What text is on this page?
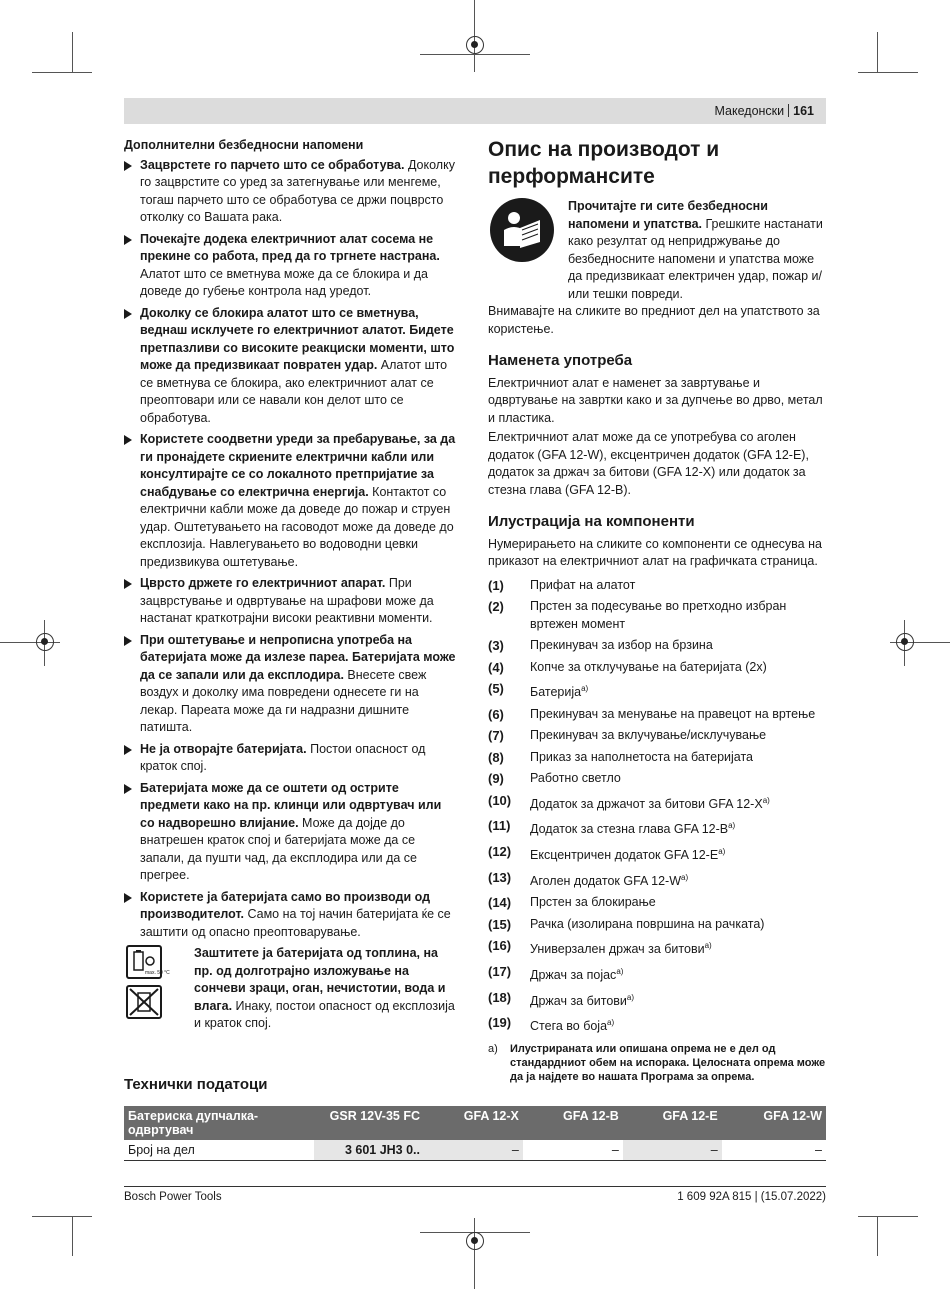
Македонски 161
Дополнителни безбедносни напомени
Зацврстете го парчето што се обработува. Доколку го зацврстите со уред за затегнување или менгеме, тогаш парчето што се обработува се држи поцврсто отколку со Вашата рака.
Почекајте додека електричниот алат сосема не прекине со работа, пред да го тргнете настрана. Алатот што се вметнува може да се блокира и да доведе до губење контрола над уредот.
Доколку се блокира алатот што се вметнува, веднаш исклучете го електричниот алатот. Бидете претпазливи со високите реакциски моменти, што може да предизвикаат повратен удар. Алатот што се вметнува се блокира, ако електричниот алат се преоптовари или се навали кон делот што се обработува.
Користете соодветни уреди за пребарување, за да ги пронајдете скриените електрични кабли или консултирајте се со локалното претпријатие за снабдување со електрична енергија. Контактот со електрични кабли може да доведе до пожар и струен удар. Оштетувањето на гасоводот може да доведе до експлозија. Навлегувањето во водоводни цевки предизвикува оштетување.
Цврсто држете го електричниот апарат. При зацврстување и одвртување на шрафови може да настанат краткотрајни високи реактивни моменти.
При оштетување и непрописна употреба на батеријата може да излезе пареа. Батеријата може да се запали или да експлодира. Внесете свеж воздух и доколку има повредени однесете ги на лекар. Пареата може да ги надразни дишните патишта.
Не ја отворајте батеријата. Постои опасност од краток спој.
Батеријата може да се оштети од острите предмети како на пр. клинци или одвртувач или со надворешно влијание. Може да дојде до внатрешен краток спој и батеријата може да се запали, да пушти чад, да експлодира или да се прегрее.
Користете ја батеријата само во производи од производителот. Само на тој начин батеријата ќе се заштити од опасно преоптоварување.
max. 50 °C
Заштитете ја батеријата од топлина, на пр. од долготрајно изложување на сончеви зраци, оган, нечистотии, вода и влага. Инаку, постои опасност од експлозија и краток спој.
Опис на производот и перформансите
Прочитајте ги сите безбедносни напомени и упатства. Грешките настанати како резултат од непридржувањe до безбедносните напомени и упатства може да предизвикаат електричен удар, пожар и/или тешки повреди.

Внимавајте на сликите во предниот дел на упатството за користење.

Наменета употреба

Електричниот алат е наменет за завртување и одвртување на завртки како и за дупчење во дрво, метал и пластика.

Електричниот алат може да се употребува со аголен додаток (GFA 12-W), ексцентричен додаток (GFA 12-E), додаток за држач за битови (GFA 12-X) или додаток за стезна глава (GFA 12-B).

Илустрација на компоненти

Нумерирањето на сликите со компоненти се однесува на приказот на електричниот алат на графичката страница.

(1)	Прифат на алатот
(2)	Прстен за подесување во претходно избран вртежен момент
(3)	Прекинувач за избор на брзина
(4)	Копче за отклучување на батеријата (2x)
(5)	Батерија$^{a)}$
(6)	Прекинувач за менување на правецот на вртење
(7)	Прекинувач за вклучување/исклучување
(8)	Приказ за наполнетоста на батеријата
(9)	Работно светло
(10)	Додаток за држачот за битови GFA $12-X^{a)}$
(11)	Додаток за стезна глава GFA $12-B^{a)}$
(12)	Ексцентричен додаток GFA $12-E^{a)}$
(13)	Аголен додаток GFA $12-W^{a)}$
(14)	Прстен за блокирање
(15)	Рачка (изолирана површина на рачката)
(16)	Универзален држач за битови$^{a)}$
(17)	Држач за појас$^{a)}$
(18)	Држач за битови$^{a)}$
(19)	Стега во боја$^{a)}$
a)	Илустрираната или опишана опрема не е дел од стандардниот обем на испорака. Целосната опрема може да ја најдете во нашата Програма за опрема.
Технички податоци
Батериска дупчалка-одвртувач	GSR 12V-35 FC	GFA 12-X	GFA 12-B	GFA 12-E	GFA 12-W
Број на дел	3 601 JH3 0..	–	–	–	–
Bosch Power Tools	1 609 92A 815 | (15.07.2022)
